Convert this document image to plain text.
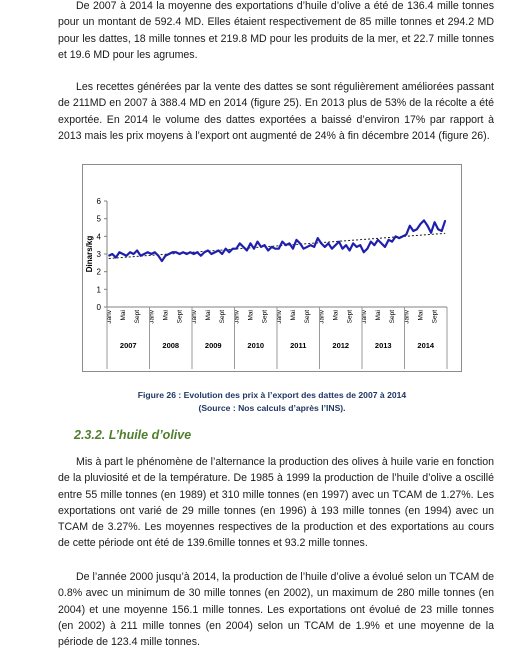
De 2007 à 2014 la moyenne des exportations d’huile d’olive a été de 136.4 mille tonnes pour un montant de 592.4 MD. Elles étaient respectivement de 85 mille tonnes et 294.2 MD pour les dattes, 18 mille tonnes et 219.8 MD pour les produits de la mer, et 22.7 mille tonnes et 19.6 MD pour les agrumes.

Les recettes générées par la vente des dattes se sont régulièrement améliorées passant de 211MD en 2007 à 388.4 MD en 2014 (figure 25). En 2013 plus de 53% de la récolte a été exportée. En 2014 le volume des dattes exportées a baissé d’environ 17% par rapport à 2013 mais les prix moyens à l’export ont augmenté de 24% à fin décembre 2014 (figure 26).

Dinars/kg
0
1
2
3
4
5
6
Janv Mai Sept Janv Mai Sept Janv Mai Sept Janv Mai Sept Janv Mai Sept Janv Mai Sept Janv Mai Sept Janv Mai Sept
2007	2008	2009	2010	2011	2012	2013	2014

Figure 26 : Evolution des prix à l’export des dattes de 2007 à 2014

(Source : Nos calculs d’après l’INS).

2.3.2. L’huile d’olive

Mis à part le phénomène de l’alternance la production des olives à huile varie en fonction de la pluviosité et de la température. De 1985 à 1999 la production de l’huile d’olive a oscillé entre 55 mille tonnes (en 1989) et 310 mille tonnes (en 1997) avec un TCAM de 1.27%. Les exportations ont varié de 29 mille tonnes (en 1996) à 193 mille tonnes (en 1994) avec un TCAM de 3.27%. Les moyennes respectives de la production et des exportations au cours de cette période ont été de 139.6mille tonnes et 93.2 mille tonnes.

De l’année 2000 jusqu’à 2014, la production de l’huile d’olive a évolué selon un TCAM de 0.8% avec un minimum de 30 mille tonnes (en 2002), un maximum de 280 mille tonnes (en 2004) et une moyenne 156.1 mille tonnes. Les exportations ont évolué de 23 mille tonnes (en 2002) à 211 mille tonnes (en 2004) selon un TCAM de 1.9% et une moyenne de la période de 123.4 mille tonnes.
